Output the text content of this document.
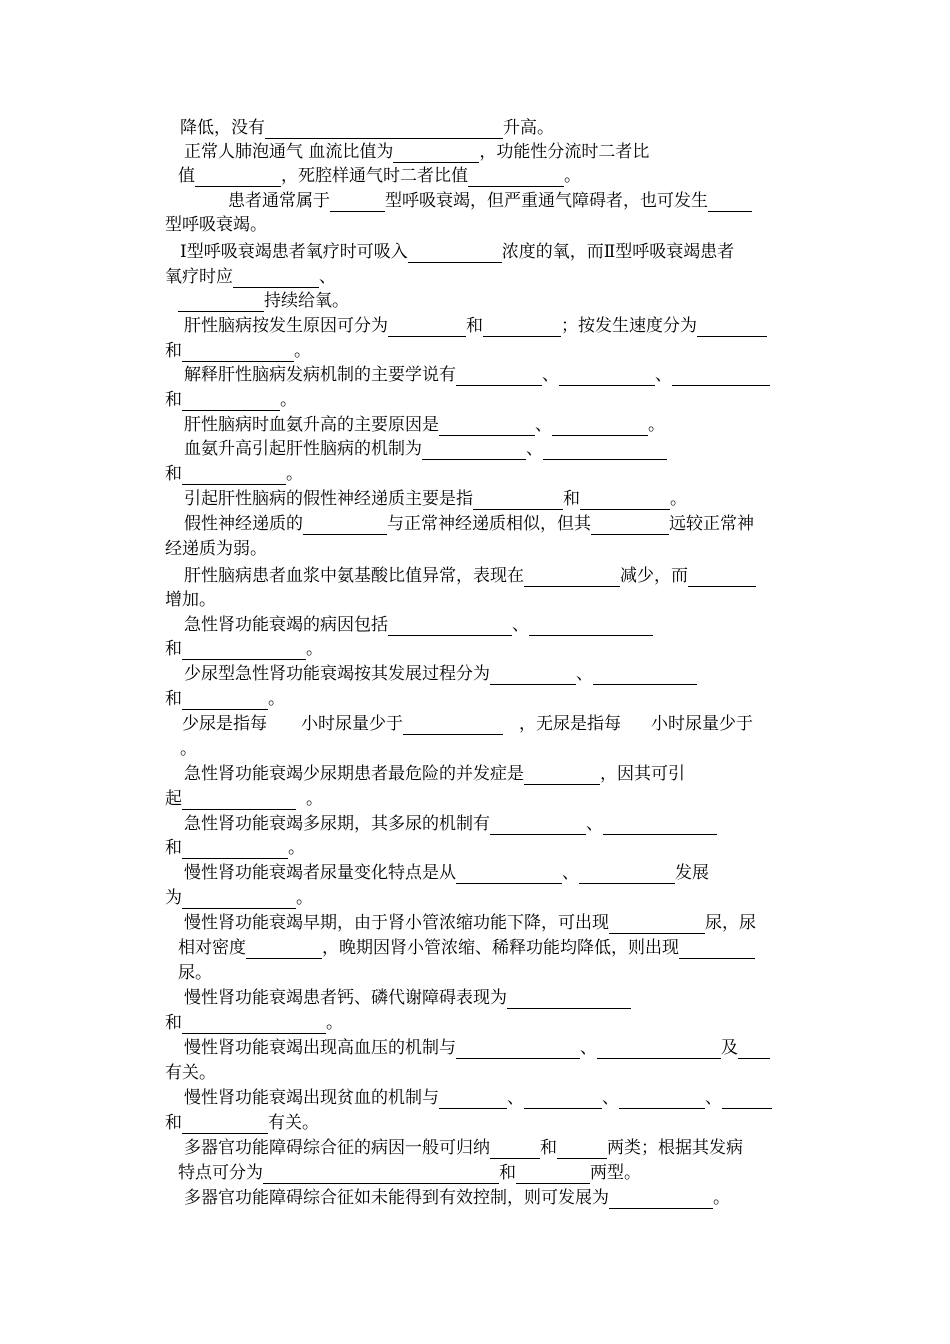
降低，没有	升高。
正常人肺泡通气 血流比值为	，功能性分流时二者比
值	，死腔样通气时二者比值	。
患者通常属于	型呼吸衰竭，但严重通气障碍者，也可发生
型呼吸衰竭。
Ⅰ型呼吸衰竭患者氧疗时可吸入	浓度的氧，而Ⅱ型呼吸衰竭患者
氧疗时应	、
持续给氧。
肝性脑病按发生原因可分为	和	；按发生速度分为
和	。
解释肝性脑病发病机制的主要学说有	、	、
和	。
肝性脑病时血氨升高的主要原因是	、	。
血氨升高引起肝性脑病的机制为	、
和	。
引起肝性脑病的假性神经递质主要是指	和	。
假性神经递质的	与正常神经递质相似，但其	远较正常神
经递质为弱。
肝性脑病患者血浆中氨基酸比值异常，表现在	减少，而
增加。
急性肾功能衰竭的病因包括	、
和	。
少尿型急性肾功能衰竭按其发展过程分为	、
和	。
少尿是指每 小时尿量少于	，无尿是指每 小时尿量少于
。
急性肾功能衰竭少尿期患者最危险的并发症是	，因其可引
起	。
急性肾功能衰竭多尿期，其多尿的机制有	、
和	。
慢性肾功能衰竭者尿量变化特点是从	、	发展
为	。
慢性肾功能衰竭早期，由于肾小管浓缩功能下降，可出现	尿，尿
相对密度	，晚期因肾小管浓缩、稀释功能均降低，则出现
尿。
慢性肾功能衰竭患者钙、磷代谢障碍表现为
和	。
慢性肾功能衰竭出现高血压的机制与	、	及
有关。
慢性肾功能衰竭出现贫血的机制与	、	、	、
和	有关。
多器官功能障碍综合征的病因一般可归纳	和	两类；根据其发病
特点可分为	和	两型。
多器官功能障碍综合征如未能得到有效控制，则可发展为	。
